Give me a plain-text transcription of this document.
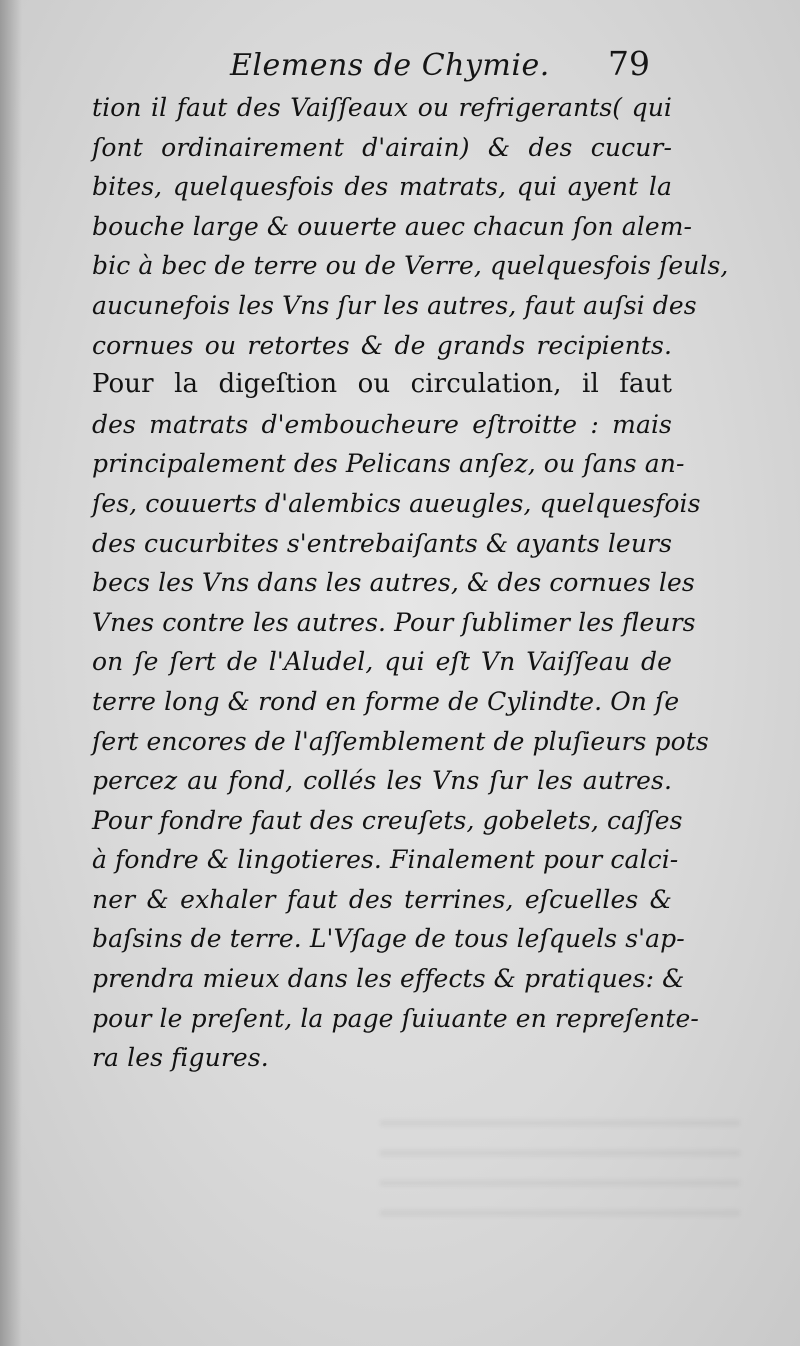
Elemens de Chymie. 79
tion il faut des Vaiſſeaux ou refrigerants( qui
ſont ordinairement d'airain) & des cucur-
bites, quelquesfois des matrats, qui ayent la
bouche large & ouuerte auec chacun ſon alem-
bic à bec de terre ou de Verre, quelquesfois ſeuls,
aucunefois les Vns ſur les autres, faut auſsi des
cornues ou retortes & de grands recipients.
Pour la digeſtion ou circulation, il faut
des matrats d'emboucheure eſtroitte : mais
principalement des Pelicans anſez, ou ſans an-
ſes, couuerts d'alembics aueugles, quelquesfois
des cucurbites s'entrebaiſants & ayants leurs
becs les Vns dans les autres, & des cornues les
Vnes contre les autres. Pour ſublimer les fleurs
on ſe ſert de l'Aludel, qui eſt Vn Vaiſſeau de
terre long & rond en forme de Cylindte. On ſe
ſert encores de l'aſſemblement de pluſieurs pots
percez au fond, collés les Vns ſur les autres.
Pour fondre faut des creuſets, gobelets, caſſes
à fondre & lingotieres. Finalement pour calci-
ner & exhaler faut des terrines, eſcuelles &
baſsins de terre. L'Vſage de tous leſquels s'ap-
prendra mieux dans les effects & pratiques: &
pour le preſent, la page ſuiuante en repreſente-
ra les figures.
